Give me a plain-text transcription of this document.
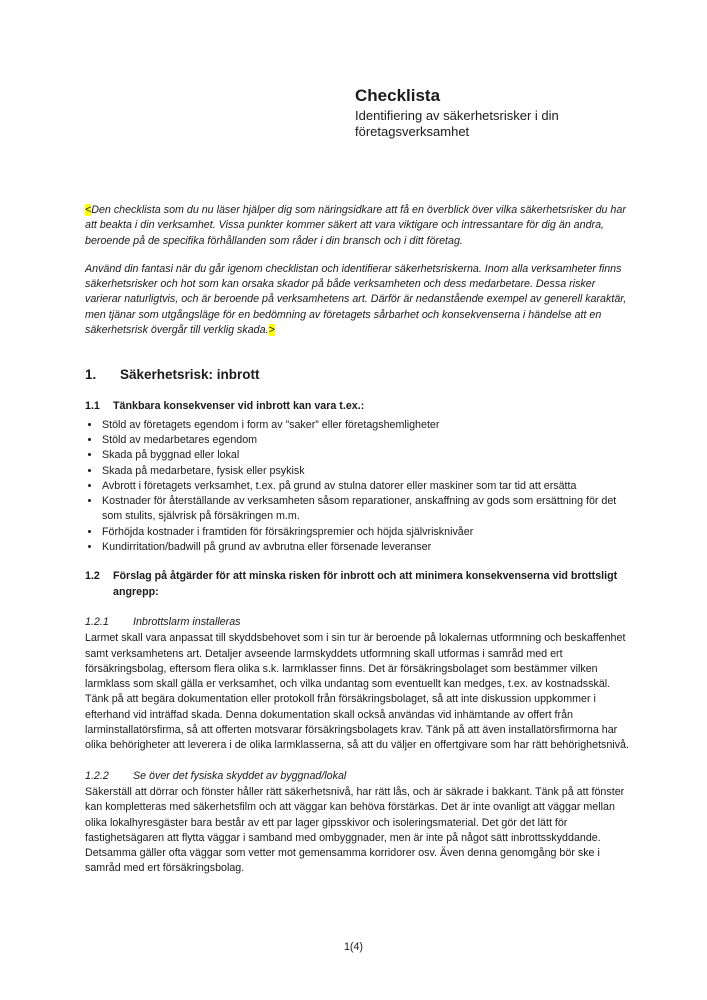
Checklista

Identifiering av säkerhetsrisker i din företagsverksamhet

<Den checklista som du nu läser hjälper dig som näringsidkare att få en överblick över vilka säkerhetsrisker du har att beakta i din verksamhet. Vissa punkter kommer säkert att vara viktigare och intressantare för dig än andra, beroende på de specifika förhållanden som råder i din bransch och i ditt företag.

Använd din fantasi när du går igenom checklistan och identifierar säkerhetsriskerna. Inom alla verksamheter finns säkerhetsrisker och hot som kan orsaka skador på både verksamheten och dess medarbetare. Dessa risker varierar naturligtvis, och är beroende på verksamhetens art. Därför är nedanstående exempel av generell karaktär, men tjänar som utgångsläge för en bedömning av företagets sårbarhet och konsekvenserna i händelse att en säkerhetsrisk övergår till verklig skada.>

1.	Säkerhetsrisk: inbrott
1.1	Tänkbara konsekvenser vid inbrott kan vara t.ex.:
• Stöld av företagets egendom i form av ”saker” eller företagshemligheter
• Stöld av medarbetares egendom
• Skada på byggnad eller lokal
• Skada på medarbetare, fysisk eller psykisk
• Avbrott i företagets verksamhet, t.ex. på grund av stulna datorer eller maskiner som tar tid att ersätta
• Kostnader för återställande av verksamheten såsom reparationer, anskaffning av gods som ersättning för det som stulits, självrisk på försäkringen m.m.
• Förhöjda kostnader i framtiden för försäkringspremier och höjda självrisknivåer
• Kundirritation/badwill på grund av avbrutna eller försenade leveranser
1.2	Förslag på åtgärder för att minska risken för inbrott och att minimera konsekvenserna vid brottsligt angrepp:
1.2.1	Inbrottslarm installeras

Larmet skall vara anpassat till skyddsbehovet som i sin tur är beroende på lokalernas utformning och beskaffenhet samt verksamhetens art. Detaljer avseende larmskyddets utformning skall utformas i samråd med ert försäkringsbolag, eftersom flera olika s.k. larmklasser finns. Det är försäkringsbolaget som bestämmer vilken larmklass som skall gälla er verksamhet, och vilka undantag som eventuellt kan medges, t.ex. av kostnadsskäl. Tänk på att begära dokumentation eller protokoll från försäkringsbolaget, så att inte diskussion uppkommer i efterhand vid inträffad skada. Denna dokumentation skall också användas vid inhämtande av offert från larminstallatörsfirma, så att offerten motsvarar försäkringsbolagets krav. Tänk på att även installatörsfirmorna har olika behörigheter att leverera i de olika larmklasserna, så att du väljer en offertgivare som har rätt behörighetsnivå.

1.2.2	Se över det fysiska skyddet av byggnad/lokal

Säkerställ att dörrar och fönster håller rätt säkerhetsnivå, har rätt lås, och är säkrade i bakkant. Tänk på att fönster kan kompletteras med säkerhetsfilm och att väggar kan behöva förstärkas. Det är inte ovanligt att väggar mellan olika lokalhyresgäster bara består av ett par lager gipsskivor och isoleringsmaterial. Det gör det lätt för fastighetsägaren att flytta väggar i samband med ombyggnader, men är inte på något sätt inbrottsskyddande. Detsamma gäller ofta väggar som vetter mot gemensamma korridorer osv. Även denna genomgång bör ske i samråd med ert försäkringsbolag.

1(4)
